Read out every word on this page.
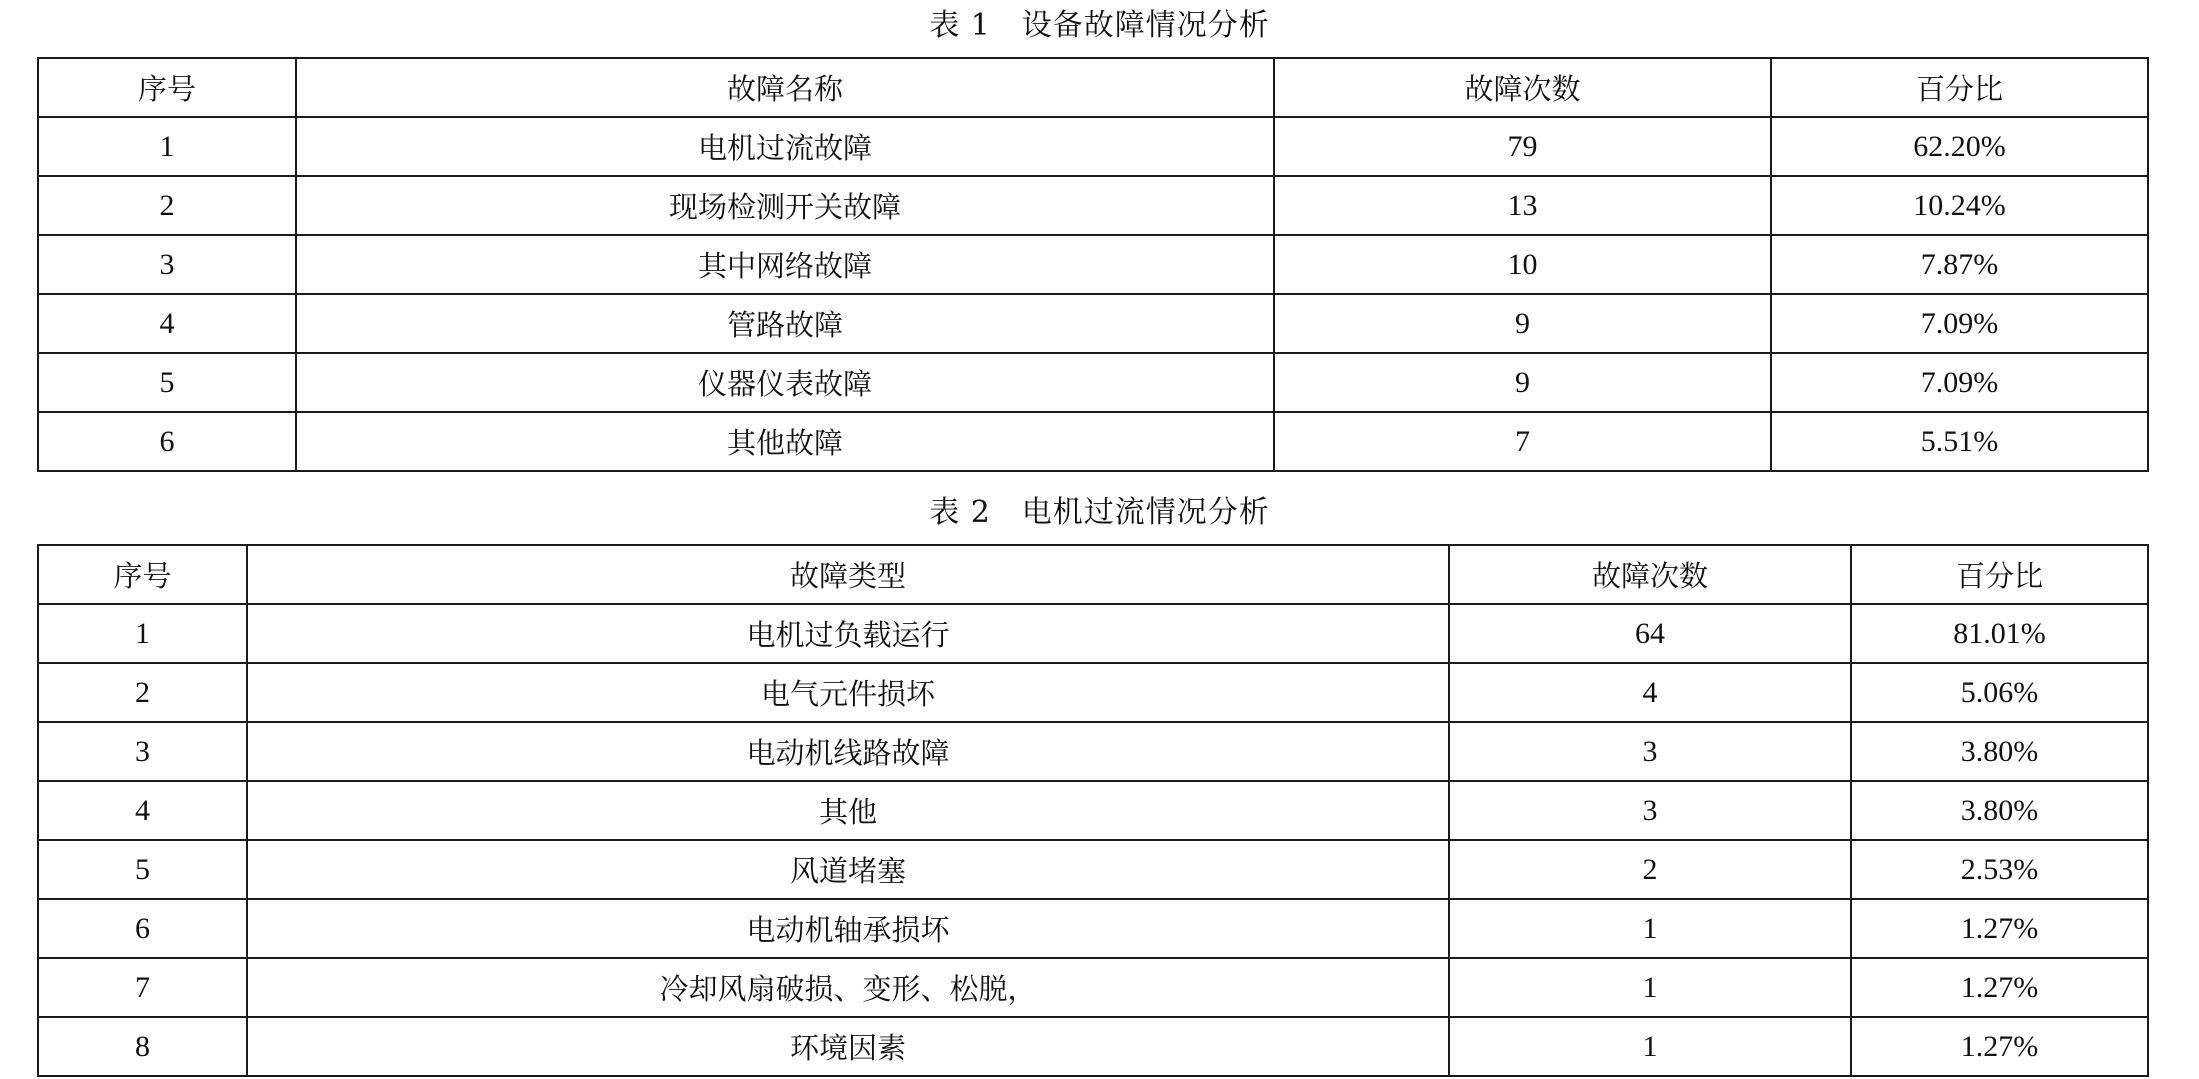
表 1　设备故障情况分析
序号	故障名称	故障次数	百分比
1	电机过流故障	79	62.20%
2	现场检测开关故障	13	10.24%
3	其中网络故障	10	7.87%
4	管路故障	9	7.09%
5	仪器仪表故障	9	7.09%
6	其他故障	7	5.51%
表 2　电机过流情况分析
序号	故障类型	故障次数	百分比
1	电机过负载运行	64	81.01%
2	电气元件损坏	4	5.06%
3	电动机线路故障	3	3.80%
4	其他	3	3.80%
5	风道堵塞	2	2.53%
6	电动机轴承损坏	1	1.27%
7	冷却风扇破损、变形、松脱，	1	1.27%
8	环境因素	1	1.27%
